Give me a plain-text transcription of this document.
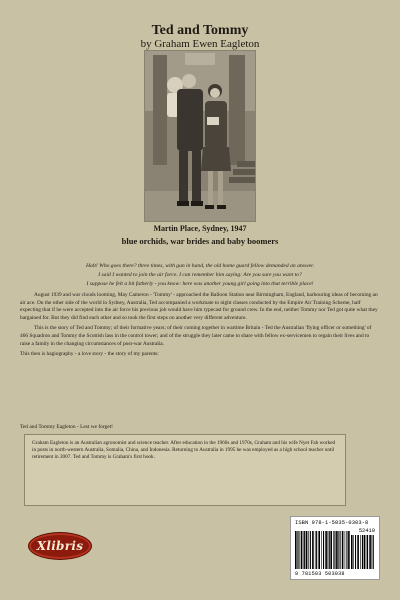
Ted and Tommy
by Graham Ewen Eagleton
Martin Place, Sydney, 1947
blue orchids, war brides and baby boomers
Halt! Who goes there? three times, with gun in hand, the old home guard fellow demanded an answer.
I said I wanted to join the air force. I can remember him saying: Are you sure you want to?
I suppose he felt a bit fatherly - you know: here was another young girl going into that terrible place!

August 1939 and war clouds looming, May Cameron - 'Tommy' - approached the Balloon Station near Birmingham, England, harbouring ideas of becoming an air ace. On the other side of the world in Sydney, Australia, Ted accompanied a workmate to night classes conducted by the Empire Air Training Scheme, half expecting that if he were accepted into the air force his previous job would have him typecast for ground crew. In the end, neither Tommy nor Ted got quite what they bargained for. But they did find each other and so took the first steps on another very different adventure.

This is the story of Ted and Tommy; of their formative years; of their coming together in wartime Britain - Ted the Australian 'flying officer or something' of 466 Squadron and Tommy the Scottish lass in the control tower; and of the struggle they later came to share with fellow ex-servicemen to regain their lives and to raise a family in the changing circumstances of post-war Australia.

This then is hagiography - a love story - the story of my parents:

Ted and Tommy Eagleton - Lest we forget!
Graham Eagleton is an Australian agronomist and science teacher. After education in the 1960s and 1970s, Graham and his wife Nyet Fah worked in posts in north-western Australia, Somalia, China, and Indonesia. Returning to Australia in 1995 he was employed as a high school teacher until retirement in 2007. Ted and Tommy is Graham's first book.
Xlibris
ISBN 978-1-5035-0303-8
52419
9 781503 503038
